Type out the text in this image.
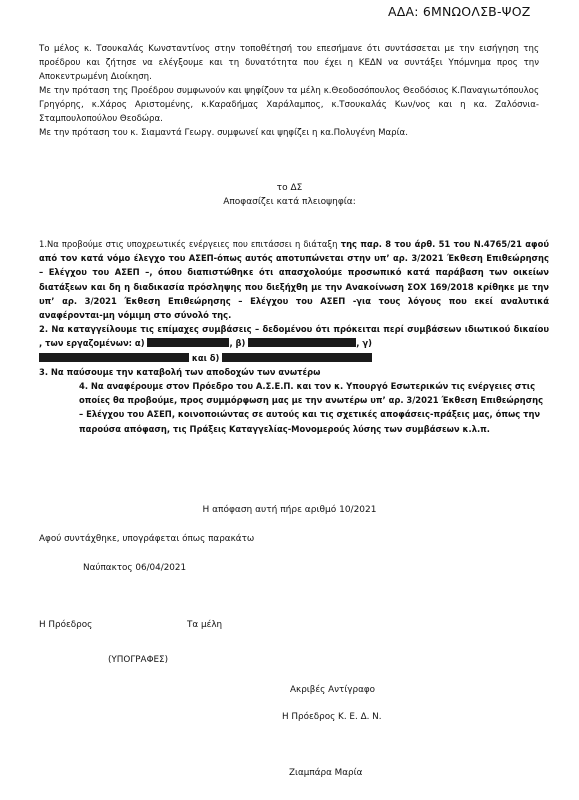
ΑΔΑ: 6ΜΝΩΟΛΣΒ-ΨΟΖ

Το μέλος κ. Τσουκαλάς Κωνσταντίνος στην τοποθέτησή του επεσήμανε ότι συντάσσεται με την εισήγηση της προέδρου και ζήτησε να ελέγξουμε και τη δυνατότητα που έχει η ΚΕΔΝ να συντάξει Υπόμνημα προς την Αποκεντρωμένη Διοίκηση.

Με την πρόταση της Προέδρου συμφωνούν και ψηφίζουν τα μέλη κ.Θεοδοσόπουλος Θεοδόσιος Κ.Παναγιωτόπουλος Γρηγόρης, κ.Χάρος Αριστομένης, κ.Καραδήμας Χαράλαμπος, κ.Τσουκαλάς Κων/νος και η κα. Ζαλόσνια-Σταμπουλοπούλου Θεοδώρα.

Με την πρόταση του κ. Σιαμαντά Γεωργ. συμφωνεί και ψηφίζει η κα.Πολυγένη Μαρία.

το ΔΣ
Αποφασίζει κατά πλειοψηφία:

1.Να προβούμε στις υποχρεωτικές ενέργειες που επιτάσσει η διάταξη της παρ. 8 του άρθ. 51 του Ν.4765/21 αφού από τον κατά νόμο έλεγχο του ΑΣΕΠ-όπως αυτός αποτυπώνεται στην υπ’ αρ. 3/2021 Έκθεση Επιθεώρησης – Ελέγχου του ΑΣΕΠ –, όπου διαπιστώθηκε ότι απασχολούμε προσωπικό κατά παράβαση των οικείων διατάξεων και δη η διαδικασία πρόσληψης που διεξήχθη με την Ανακοίνωση ΣΟΧ 169/2018 κρίθηκε με την υπ’ αρ. 3/2021 Έκθεση Επιθεώρησης – Ελέγχου του ΑΣΕΠ -για τους λόγους που εκεί αναλυτικά αναφέρονται-μη νόμιμη στο σύνολό της.

2. Να καταγγείλουμε τις επίμαχες συμβάσεις – δεδομένου ότι πρόκειται περί συμβάσεων ιδιωτικού δικαίου , των εργαζομένων: α)	, β)	, γ)
και δ)

3. Να παύσουμε την καταβολή των αποδοχών των ανωτέρω

4. Να αναφέρουμε στον Πρόεδρο του Α.Σ.Ε.Π. και τον κ. Υπουργό Εσωτερικών τις ενέργειες στις οποίες θα προβούμε, προς συμμόρφωση μας με την ανωτέρω υπ’ αρ. 3/2021 Έκθεση Επιθεώρησης – Ελέγχου του ΑΣΕΠ, κοινοποιώντας σε αυτούς και τις σχετικές αποφάσεις-πράξεις μας, όπως την παρούσα απόφαση, τις Πράξεις Καταγγελίας-Μονομερούς λύσης των συμβάσεων κ.λ.π.

Η απόφαση αυτή πήρε αριθμό 10/2021
Αφού συντάχθηκε, υπογράφεται όπως παρακάτω
Ναύπακτος 06/04/2021
Η Πρόεδρος	Τα μέλη
(ΥΠΟΓΡΑΦΕΣ)
Ακριβές Αντίγραφο
Η Πρόεδρος Κ. Ε. Δ. Ν.
Ζιαμπάρα Μαρία
